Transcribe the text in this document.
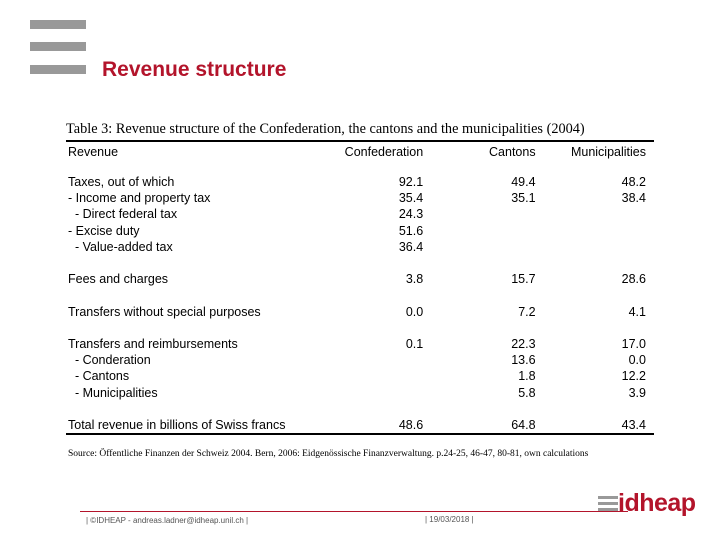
Revenue structure
Table 3: Revenue structure of the Confederation, the cantons and the municipalities (2004)
Revenue	Confederation	Cantons	Municipalities

Taxes, out of which	92.1	49.4	48.2
- Income and property tax	35.4	35.1	38.4
- Direct federal tax	24.3		
- Excise duty	51.6		
- Value-added tax	36.4		

Fees and charges	3.8	15.7	28.6

Transfers without special purposes	0.0	7.2	4.1

Transfers and reimbursements	0.1	22.3	17.0
- Conderation		13.6	0.0
- Cantons		1.8	12.2
- Municipalities		5.8	3.9

Total revenue in billions of Swiss francs	48.6	64.8	43.4
Source: Öffentliche Finanzen der Schweiz 2004. Bern, 2006: Eidgenössische Finanzverwaltung. p.24-25, 46-47, 80-81, own calculations
| ©IDHEAP - andreas.ladner@idheap.unil.ch |	| 19/03/2018 |
idheap
